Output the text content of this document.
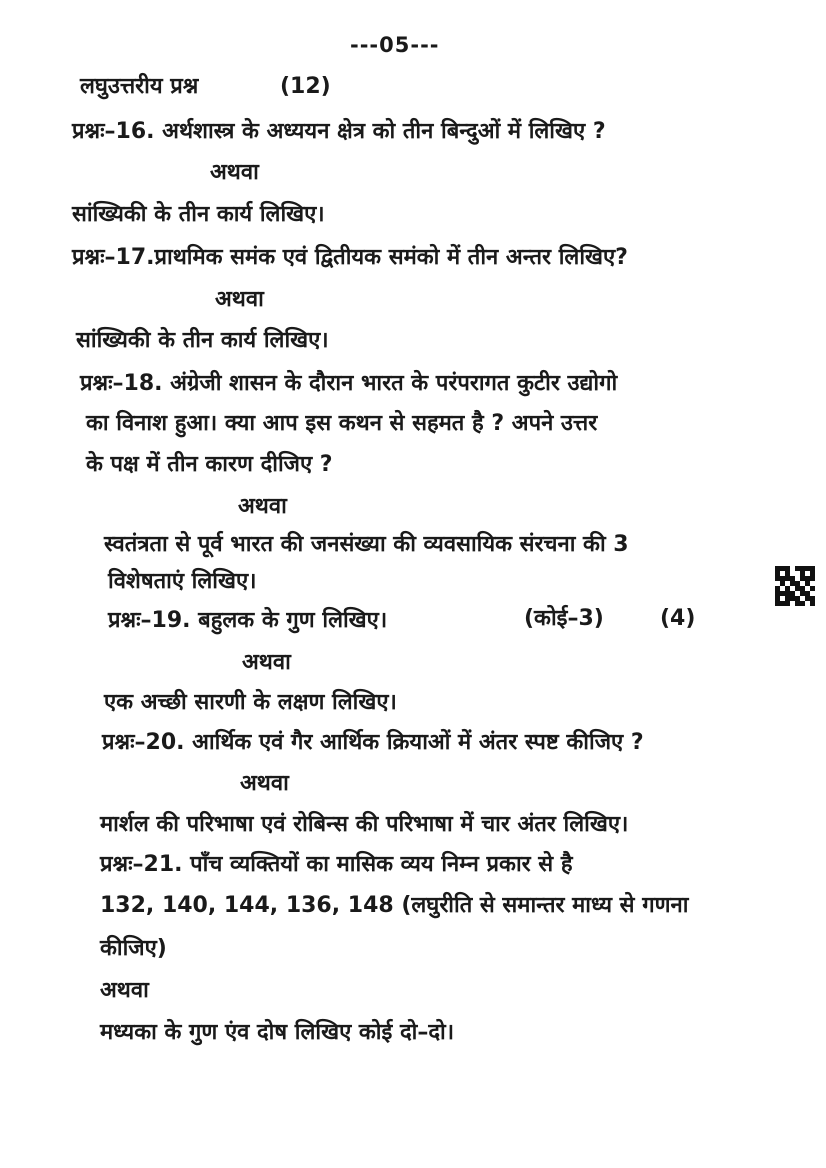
---05---
लघुउत्तरीय प्रश्न	(12)
प्रश्नः–16. अर्थशास्त्र के अध्ययन क्षेत्र को तीन बिन्दुओं में लिखिए ?
अथवा
सांख्यिकी के तीन कार्य लिखिए।
प्रश्नः–17.प्राथमिक समंक एवं द्वितीयक समंको में तीन अन्तर लिखिए?
अथवा
सांख्यिकी के तीन कार्य लिखिए।
प्रश्नः–18. अंग्रेजी शासन के दौरान भारत के परंपरागत कुटीर उद्योगो
का विनाश हुआ। क्या आप इस कथन से सहमत है ? अपने उत्तर
के पक्ष में तीन कारण दीजिए ?
अथवा
स्वतंत्रता से पूर्व भारत की जनसंख्या की व्यवसायिक संरचना की 3
विशेषताएं लिखिए।
प्रश्नः–19. बहुलक के गुण लिखिए।	(कोई–3)	(4)
अथवा
एक अच्छी सारणी के लक्षण लिखिए।
प्रश्नः–20. आर्थिक एवं गैर आर्थिक क्रियाओं में अंतर स्पष्ट कीजिए ?
अथवा
मार्शल की परिभाषा एवं रोबिन्स की परिभाषा में चार अंतर लिखिए।
प्रश्नः–21. पाँच व्यक्तियों का मासिक व्यय निम्न प्रकार से है
132, 140, 144, 136, 148 (लघुरीति से समान्तर माध्य से गणना
कीजिए)
अथवा
मध्यका के गुण एंव दोष लिखिए कोई दो–दो।
